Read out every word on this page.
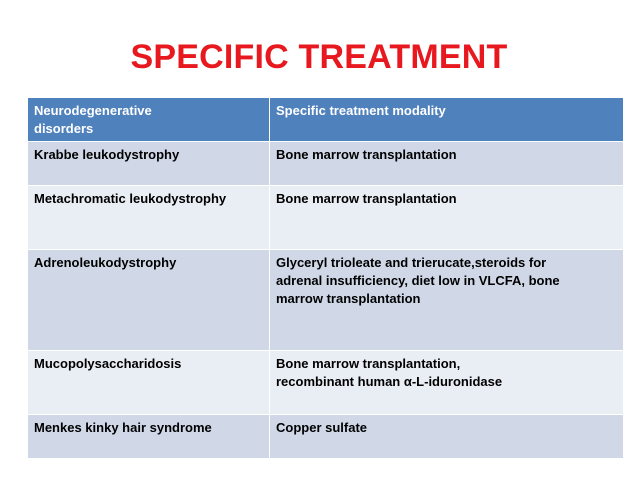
SPECIFIC TREATMENT
Neurodegenerative
disorders	Specific treatment modality
Krabbe leukodystrophy	Bone marrow transplantation
Metachromatic leukodystrophy	Bone marrow transplantation
Adrenoleukodystrophy	Glyceryl trioleate and trierucate,steroids for
adrenal insufficiency, diet low in VLCFA, bone
marrow transplantation
Mucopolysaccharidosis	Bone marrow transplantation,
recombinant human α-L-iduronidase
Menkes kinky hair syndrome	Copper sulfate
